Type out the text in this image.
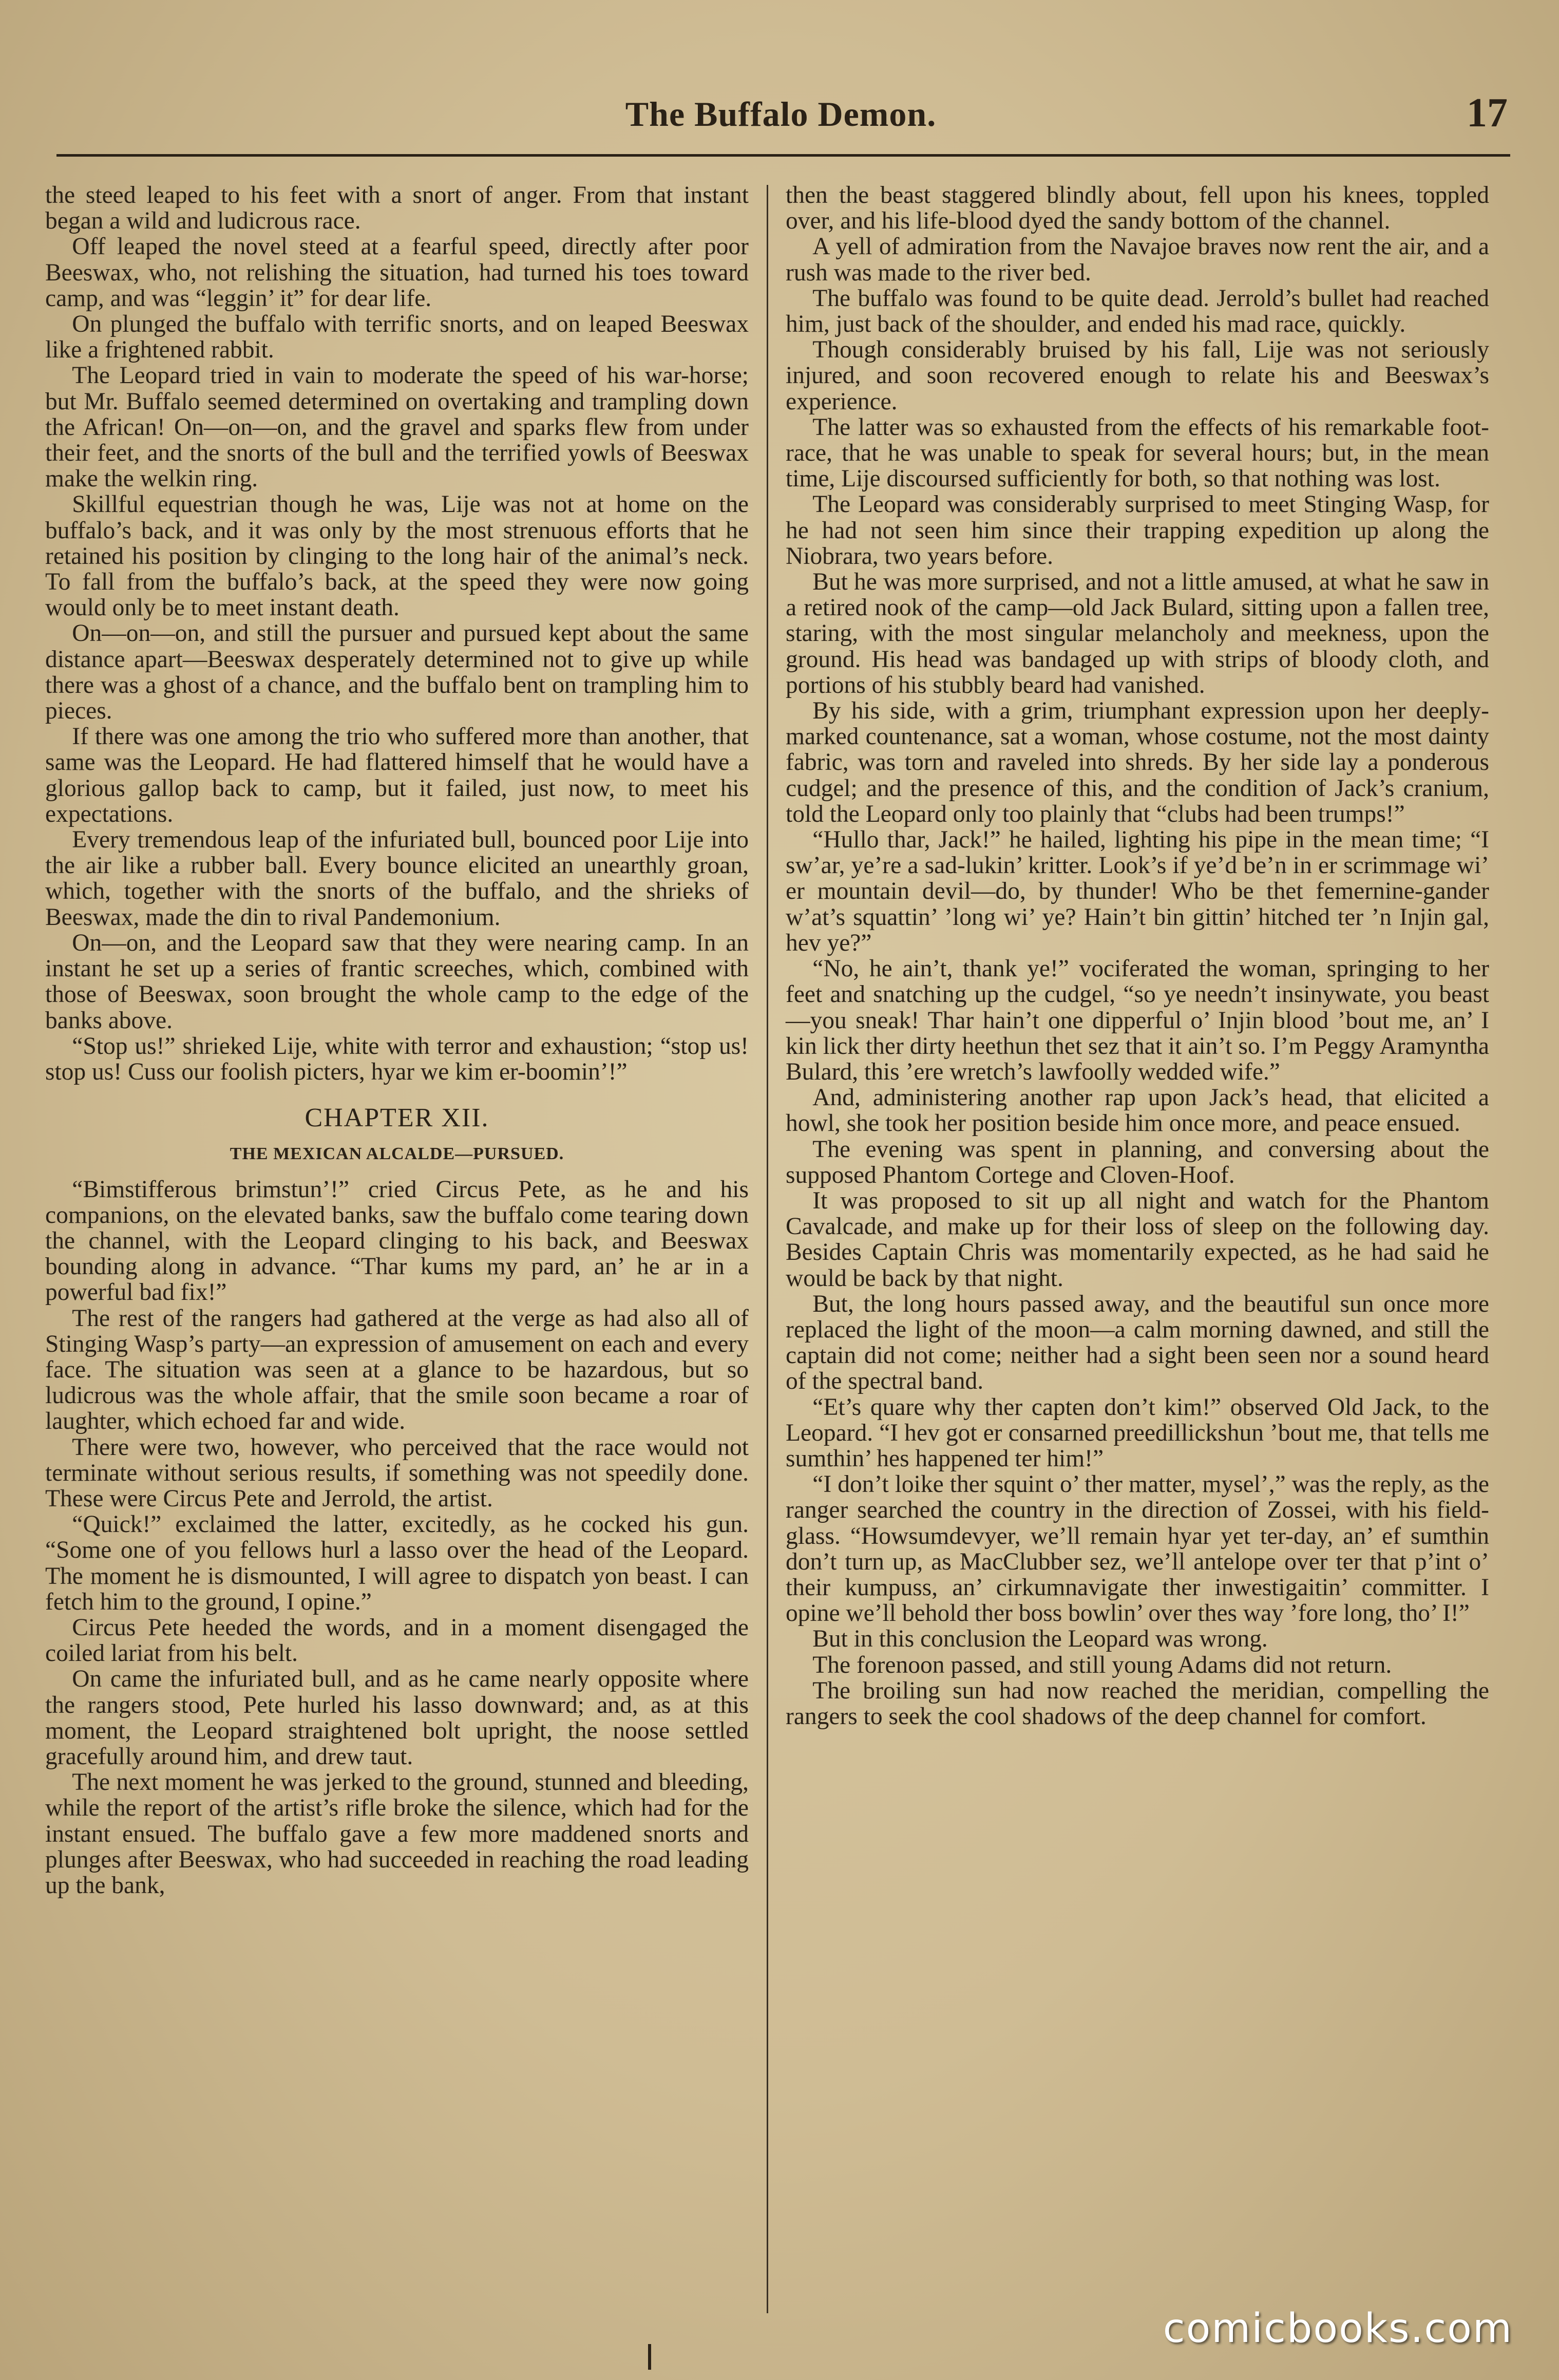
The Buffalo Demon.	17

the steed leaped to his feet with a snort of anger. From that instant began a wild and ludicrous race.

Off leaped the novel steed at a fearful speed, directly after poor Beeswax, who, not relishing the situation, had turned his toes toward camp, and was “leggin’ it” for dear life.

On plunged the buffalo with terrific snorts, and on leaped Beeswax like a frightened rabbit.

The Leopard tried in vain to moderate the speed of his war-horse; but Mr. Buffalo seemed determined on overtaking and trampling down the African! On—on—on, and the gravel and sparks flew from under their feet, and the snorts of the bull and the terrified yowls of Beeswax make the welkin ring.

Skillful equestrian though he was, Lije was not at home on the buffalo’s back, and it was only by the most strenuous efforts that he retained his position by clinging to the long hair of the animal’s neck. To fall from the buffalo’s back, at the speed they were now going would only be to meet instant death.

On—on—on, and still the pursuer and pursued kept about the same distance apart—Beeswax desperately determined not to give up while there was a ghost of a chance, and the buffalo bent on trampling him to pieces.

If there was one among the trio who suffered more than another, that same was the Leopard. He had flattered himself that he would have a glorious gallop back to camp, but it failed, just now, to meet his expectations.

Every tremendous leap of the infuriated bull, bounced poor Lije into the air like a rubber ball. Every bounce elicited an unearthly groan, which, together with the snorts of the buffalo, and the shrieks of Beeswax, made the din to rival Pandemonium.

On—on, and the Leopard saw that they were nearing camp. In an instant he set up a series of frantic screeches, which, combined with those of Beeswax, soon brought the whole camp to the edge of the banks above.

“Stop us!” shrieked Lije, white with terror and exhaustion; “stop us! stop us! Cuss our foolish picters, hyar we kim er-boomin’!”

CHAPTER XII.
THE MEXICAN ALCALDE—PURSUED.

“Bimstifferous brimstun’!” cried Circus Pete, as he and his companions, on the elevated banks, saw the buffalo come tearing down the channel, with the Leopard clinging to his back, and Beeswax bounding along in advance. “Thar kums my pard, an’ he ar in a powerful bad fix!”

The rest of the rangers had gathered at the verge as had also all of Stinging Wasp’s party—an expression of amusement on each and every face. The situation was seen at a glance to be hazardous, but so ludicrous was the whole affair, that the smile soon became a roar of laughter, which echoed far and wide.

There were two, however, who perceived that the race would not terminate without serious results, if something was not speedily done. These were Circus Pete and Jerrold, the artist.

“Quick!” exclaimed the latter, excitedly, as he cocked his gun. “Some one of you fellows hurl a lasso over the head of the Leopard. The moment he is dismounted, I will agree to dispatch yon beast. I can fetch him to the ground, I opine.”

Circus Pete heeded the words, and in a moment disengaged the coiled lariat from his belt.

On came the infuriated bull, and as he came nearly opposite where the rangers stood, Pete hurled his lasso downward; and, as at this moment, the Leopard straightened bolt upright, the noose settled gracefully around him, and drew taut.

The next moment he was jerked to the ground, stunned and bleeding, while the report of the artist’s rifle broke the silence, which had for the instant ensued. The buffalo gave a few more maddened snorts and plunges after Beeswax, who had succeeded in reaching the road leading up the bank,

then the beast staggered blindly about, fell upon his knees, toppled over, and his life-blood dyed the sandy bottom of the channel.

A yell of admiration from the Navajoe braves now rent the air, and a rush was made to the river bed.

The buffalo was found to be quite dead. Jerrold’s bullet had reached him, just back of the shoulder, and ended his mad race, quickly.

Though considerably bruised by his fall, Lije was not seriously injured, and soon recovered enough to relate his and Beeswax’s experience.

The latter was so exhausted from the effects of his remarkable foot-race, that he was unable to speak for several hours; but, in the mean time, Lije discoursed sufficiently for both, so that nothing was lost.

The Leopard was considerably surprised to meet Stinging Wasp, for he had not seen him since their trapping expedition up along the Niobrara, two years before.

But he was more surprised, and not a little amused, at what he saw in a retired nook of the camp—old Jack Bulard, sitting upon a fallen tree, staring, with the most singular melancholy and meekness, upon the ground. His head was bandaged up with strips of bloody cloth, and portions of his stubbly beard had vanished.

By his side, with a grim, triumphant expression upon her deeply-marked countenance, sat a woman, whose costume, not the most dainty fabric, was torn and raveled into shreds. By her side lay a ponderous cudgel; and the presence of this, and the condition of Jack’s cranium, told the Leopard only too plainly that “clubs had been trumps!”

“Hullo thar, Jack!” he hailed, lighting his pipe in the mean time; “I sw’ar, ye’re a sad-lukin’ kritter. Look’s if ye’d be’n in er scrimmage wi’ er mountain devil—do, by thunder! Who be thet femernine-gander w’at’s squattin’ ’long wi’ ye? Hain’t bin gittin’ hitched ter ’n Injin gal, hev ye?”

“No, he ain’t, thank ye!” vociferated the woman, springing to her feet and snatching up the cudgel, “so ye needn’t insinywate, you beast—you sneak! Thar hain’t one dipperful o’ Injin blood ’bout me, an’ I kin lick ther dirty heethun thet sez that it ain’t so. I’m Peggy Aramyntha Bulard, this ’ere wretch’s lawfoolly wedded wife.”

And, administering another rap upon Jack’s head, that elicited a howl, she took her position beside him once more, and peace ensued.

The evening was spent in planning, and conversing about the supposed Phantom Cortege and Cloven-Hoof.

It was proposed to sit up all night and watch for the Phantom Cavalcade, and make up for their loss of sleep on the following day. Besides Captain Chris was momentarily expected, as he had said he would be back by that night.

But, the long hours passed away, and the beautiful sun once more replaced the light of the moon—a calm morning dawned, and still the captain did not come; neither had a sight been seen nor a sound heard of the spectral band.

“Et’s quare why ther capten don’t kim!” observed Old Jack, to the Leopard. “I hev got er consarned preedillickshun ’bout me, that tells me sumthin’ hes happened ter him!”

“I don’t loike ther squint o’ ther matter, mysel’,” was the reply, as the ranger searched the country in the direction of Zossei, with his field-glass. “Howsumdevyer, we’ll remain hyar yet ter-day, an’ ef sumthin don’t turn up, as MacClubber sez, we’ll antelope over ter that p’int o’ their kumpuss, an’ cirkumnavigate ther inwestigaitin’ committer. I opine we’ll behold ther boss bowlin’ over thes way ’fore long, tho’ I!”

But in this conclusion the Leopard was wrong.

The forenoon passed, and still young Adams did not return.

The broiling sun had now reached the meridian, compelling the rangers to seek the cool shadows of the deep channel for comfort.

comicbooks.com
